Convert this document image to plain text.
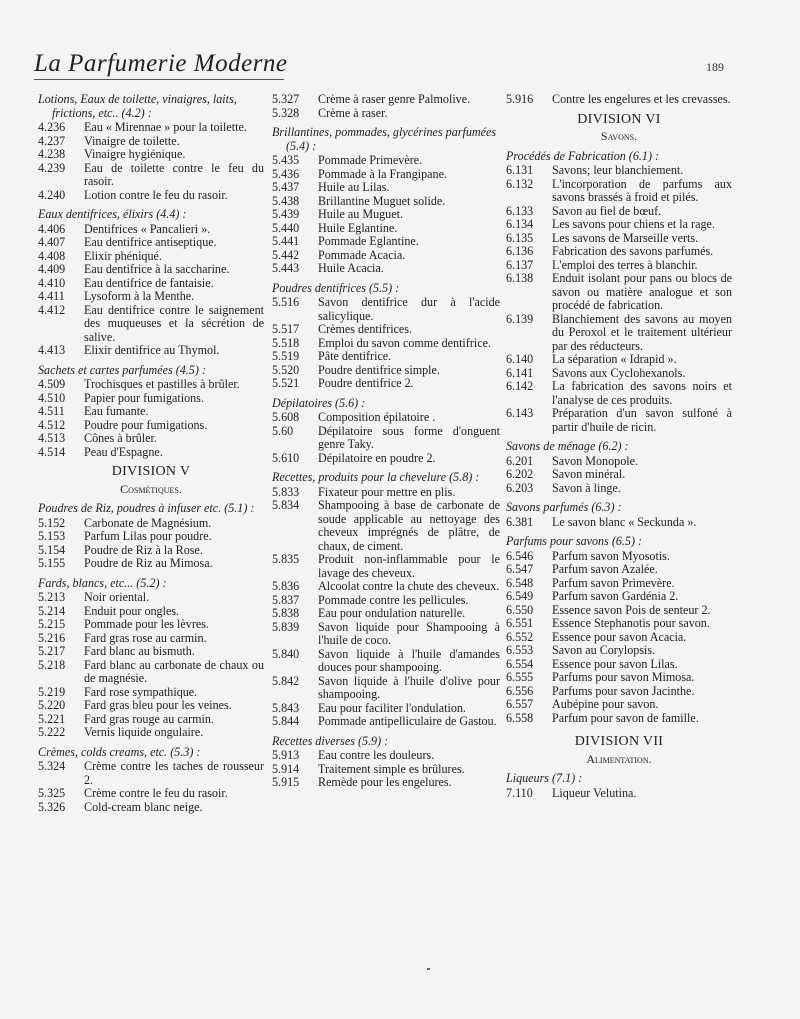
La Parfumerie Moderne	189
Lotions, Eaux de toilette, vinaigres, laits, frictions, etc.. (4.2) :
4.236 Eau « Mirennae » pour la toilette.
4.237 Vinaigre de toilette.
4.238 Vinaigre hygiénique.
4.239 Eau de toilette contre le feu du rasoir.
4.240 Lotion contre le feu du rasoir.
Eaux dentifrices, élixirs (4.4) :
4.406 Dentifrices « Pancalieri ».
4.407 Eau dentifrice antiseptique.
4.408 Elixir phéniqué.
4.409 Eau dentifrice à la saccharine.
4.410 Eau dentifrice de fantaisie.
4.411 Lysoform à la Menthe.
4.412 Eau dentifrice contre le saignement des muqueuses et la sécrétion de salive.
4.413 Elixir dentifrice au Thymol.
Sachets et cartes parfumées (4.5) :
4.509 Trochisques et pastilles à brûler.
4.510 Papier pour fumigations.
4.511 Eau fumante.
4.512 Poudre pour fumigations.
4.513 Cônes à brûler.
4.514 Peau d'Espagne.
DIVISION V
Cosmétiques.
Poudres de Riz, poudres à infuser etc. (5.1) :
5.152 Carbonate de Magnésium.
5.153 Parfum Lilas pour poudre.
5.154 Poudre de Riz à la Rose.
5.155 Poudre de Riz au Mimosa.
Fards, blancs, etc... (5.2) :
5.213 Noir oriental.
5.214 Enduit pour ongles.
5.215 Pommade pour les lèvres.
5.216 Fard gras rose au carmin.
5.217 Fard blanc au bismuth.
5.218 Fard blanc au carbonate de chaux ou de magnésie.
5.219 Fard rose sympathique.
5.220 Fard gras bleu pour les veines.
5.221 Fard gras rouge au carmin.
5.222 Vernis liquide ongulaire.
Crèmes, colds creams, etc. (5.3) :
5.324 Crème contre les taches de rousseur 2.
5.325 Crème contre le feu du rasoir.
5.326 Cold-cream blanc neige.
5.327 Crème à raser genre Palmolive.
5.328 Crème à raser.
Brillantines, pommades, glycérines parfumées (5.4) :
5.435 Pommade Primevère.
5.436 Pommade à la Frangipane.
5.437 Huile au Lilas.
5.438 Brillantine Muguet solide.
5.439 Huile au Muguet.
5.440 Huile Eglantine.
5.441 Pommade Eglantine.
5.442 Pommade Acacia.
5.443 Huile Acacia.
Poudres dentifrices (5.5) :
5.516 Savon dentifrice dur à l'acide salicylique.
5.517 Crèmes dentifrices.
5.518 Emploi du savon comme dentifrice.
5.519 Pâte dentifrice.
5.520 Poudre dentifrice simple.
5.521 Poudre dentifrice 2.
Dépilatoires (5.6) :
5.608 Composition épilatoire .
5.60 Dépilatoire sous forme d'onguent genre Taky.
5.610 Dépilatoire en poudre 2.
Recettes, produits pour la chevelure (5.8) :
5.833 Fixateur pour mettre en plis.
5.834 Shampooing à base de carbonate de soude applicable au nettoyage des cheveux imprégnés de plâtre, de chaux, de ciment.
5.835 Produit non-inflammable pour le lavage des cheveux.
5.836 Alcoolat contre la chute des cheveux.
5.837 Pommade contre les pellicules.
5.838 Eau pour ondulation naturelle.
5.839 Savon liquide pour Shampooing à l'huile de coco.
5.840 Savon liquide à l'huile d'amandes douces pour shampooing.
5.842 Savon liquide à l'huile d'olive pour shampooing.
5.843 Eau pour faciliter l'ondulation.
5.844 Pommade antipelliculaire de Gastou.
Recettes diverses (5.9) :
5.913 Eau contre les douleurs.
5.914 Traitement simple es brûlures.
5.915 Remède pour les engelures.
5.916 Contre les engelures et les crevasses.
DIVISION VI
Savons.
Procédés de Fabrication (6.1) :
6.131 Savons; leur blanchiement.
6.132 L'incorporation de parfums aux savons brassés à froid et pilés.
6.133 Savon au fiel de bœuf.
6.134 Les savons pour chiens et la rage.
6.135 Les savons de Marseille verts.
6.136 Fabrication des savons parfumés.
6.137 L'emploi des terres à blanchir.
6.138 Enduit isolant pour pans ou blocs de savon ou matière analogue et son procédé de fabrication.
6.139 Blanchiement des savons au moyen du Peroxol et le traitement ultérieur par des réducteurs.
6.140 La séparation « Idrapid ».
6.141 Savons aux Cyclohexanols.
6.142 La fabrication des savons noirs et l'analyse de ces produits.
6.143 Préparation d'un savon sulfoné à partir d'huile de ricin.
Savons de ménage (6.2) :
6.201 Savon Monopole.
6.202 Savon minéral.
6.203 Savon à linge.
Savons parfumés (6.3) :
6.381 Le savon blanc « Seckunda ».
Parfums pour savons (6.5) :
6.546 Parfum savon Myosotis.
6.547 Parfum savon Azalée.
6.548 Parfum savon Primevère.
6.549 Parfum savon Gardénia 2.
6.550 Essence savon Pois de senteur 2.
6.551 Essence Stephanotis pour savon.
6.552 Essence pour savon Acacia.
6.553 Savon au Corylopsis.
6.554 Essence pour savon Lilas.
6.555 Parfums pour savon Mimosa.
6.556 Parfums pour savon Jacinthe.
6.557 Aubépine pour savon.
6.558 Parfum pour savon de famille.
DIVISION VII
Alimentation.
Liqueurs (7.1) :
7.110 Liqueur Velutina.
